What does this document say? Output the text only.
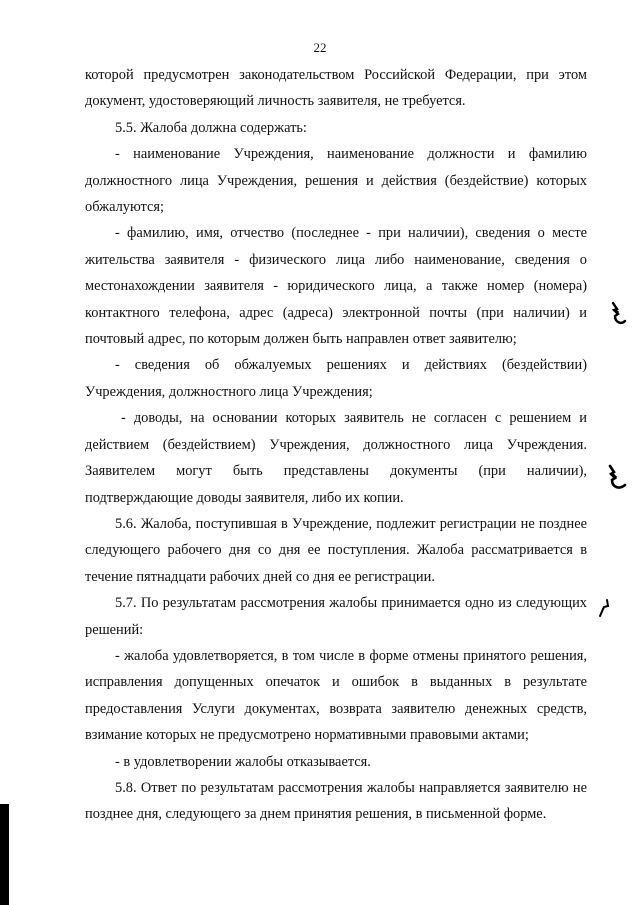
22

которой предусмотрен законодательством Российской Федерации, при этом документ, удостоверяющий личность заявителя, не требуется.

5.5. Жалоба должна содержать:

- наименование Учреждения, наименование должности и фамилию должностного лица Учреждения, решения и действия (бездействие) которых обжалуются;

- фамилию, имя, отчество (последнее - при наличии), сведения о месте жительства заявителя - физического лица либо наименование, сведения о местонахождении заявителя - юридического лица, а также номер (номера) контактного телефона, адрес (адреса) электронной почты (при наличии) и почтовый адрес, по которым должен быть направлен ответ заявителю;

- сведения об обжалуемых решениях и действиях (бездействии) Учреждения, должностного лица Учреждения;

- доводы, на основании которых заявитель не согласен с решением и действием (бездействием) Учреждения, должностного лица Учреждения. Заявителем могут быть представлены документы (при наличии), подтверждающие доводы заявителя, либо их копии.

5.6. Жалоба, поступившая в Учреждение, подлежит регистрации не позднее следующего рабочего дня со дня ее поступления. Жалоба рассматривается в течение пятнадцати рабочих дней со дня ее регистрации.

5.7. По результатам рассмотрения жалобы принимается одно из следующих решений:

- жалоба удовлетворяется, в том числе в форме отмены принятого решения, исправления допущенных опечаток и ошибок в выданных в результате предоставления Услуги документах, возврата заявителю денежных средств, взимание которых не предусмотрено нормативными правовыми актами;

- в удовлетворении жалобы отказывается.

5.8. Ответ по результатам рассмотрения жалобы направляется заявителю не позднее дня, следующего за днем принятия решения, в письменной форме.
